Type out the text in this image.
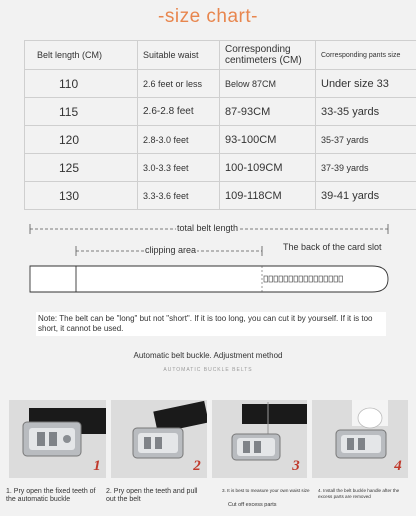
-size chart-
Belt length (CM)	Suitable waist	Corresponding centimeters (CM)	Corresponding pants size
110	2.6 feet or less	Below 87CM	Under size 33
115	2.6-2.8 feet	87-93CM	33-35 yards
120	2.8-3.0 feet	93-100CM	35-37 yards
125	3.0-3.3 feet	100-109CM	37-39 yards
130	3.3-3.6 feet	109-118CM	39-41 yards
total belt length
clipping area	The back of the card slot
Note: The belt can be "long" but not "short". If it is too long, you can cut it by yourself. If it is too short, it cannot be used.
Automatic belt buckle. Adjustment method
AUTOMATIC BUCKLE BELTS
1	2	3	4
1. Pry open the fixed teeth of the automatic buckle
2. Pry open the teeth and pull out the belt
3. It is best to measure your own waist size
Cut off excess parts
4. Install the belt buckle handle after the excess parts are removed
